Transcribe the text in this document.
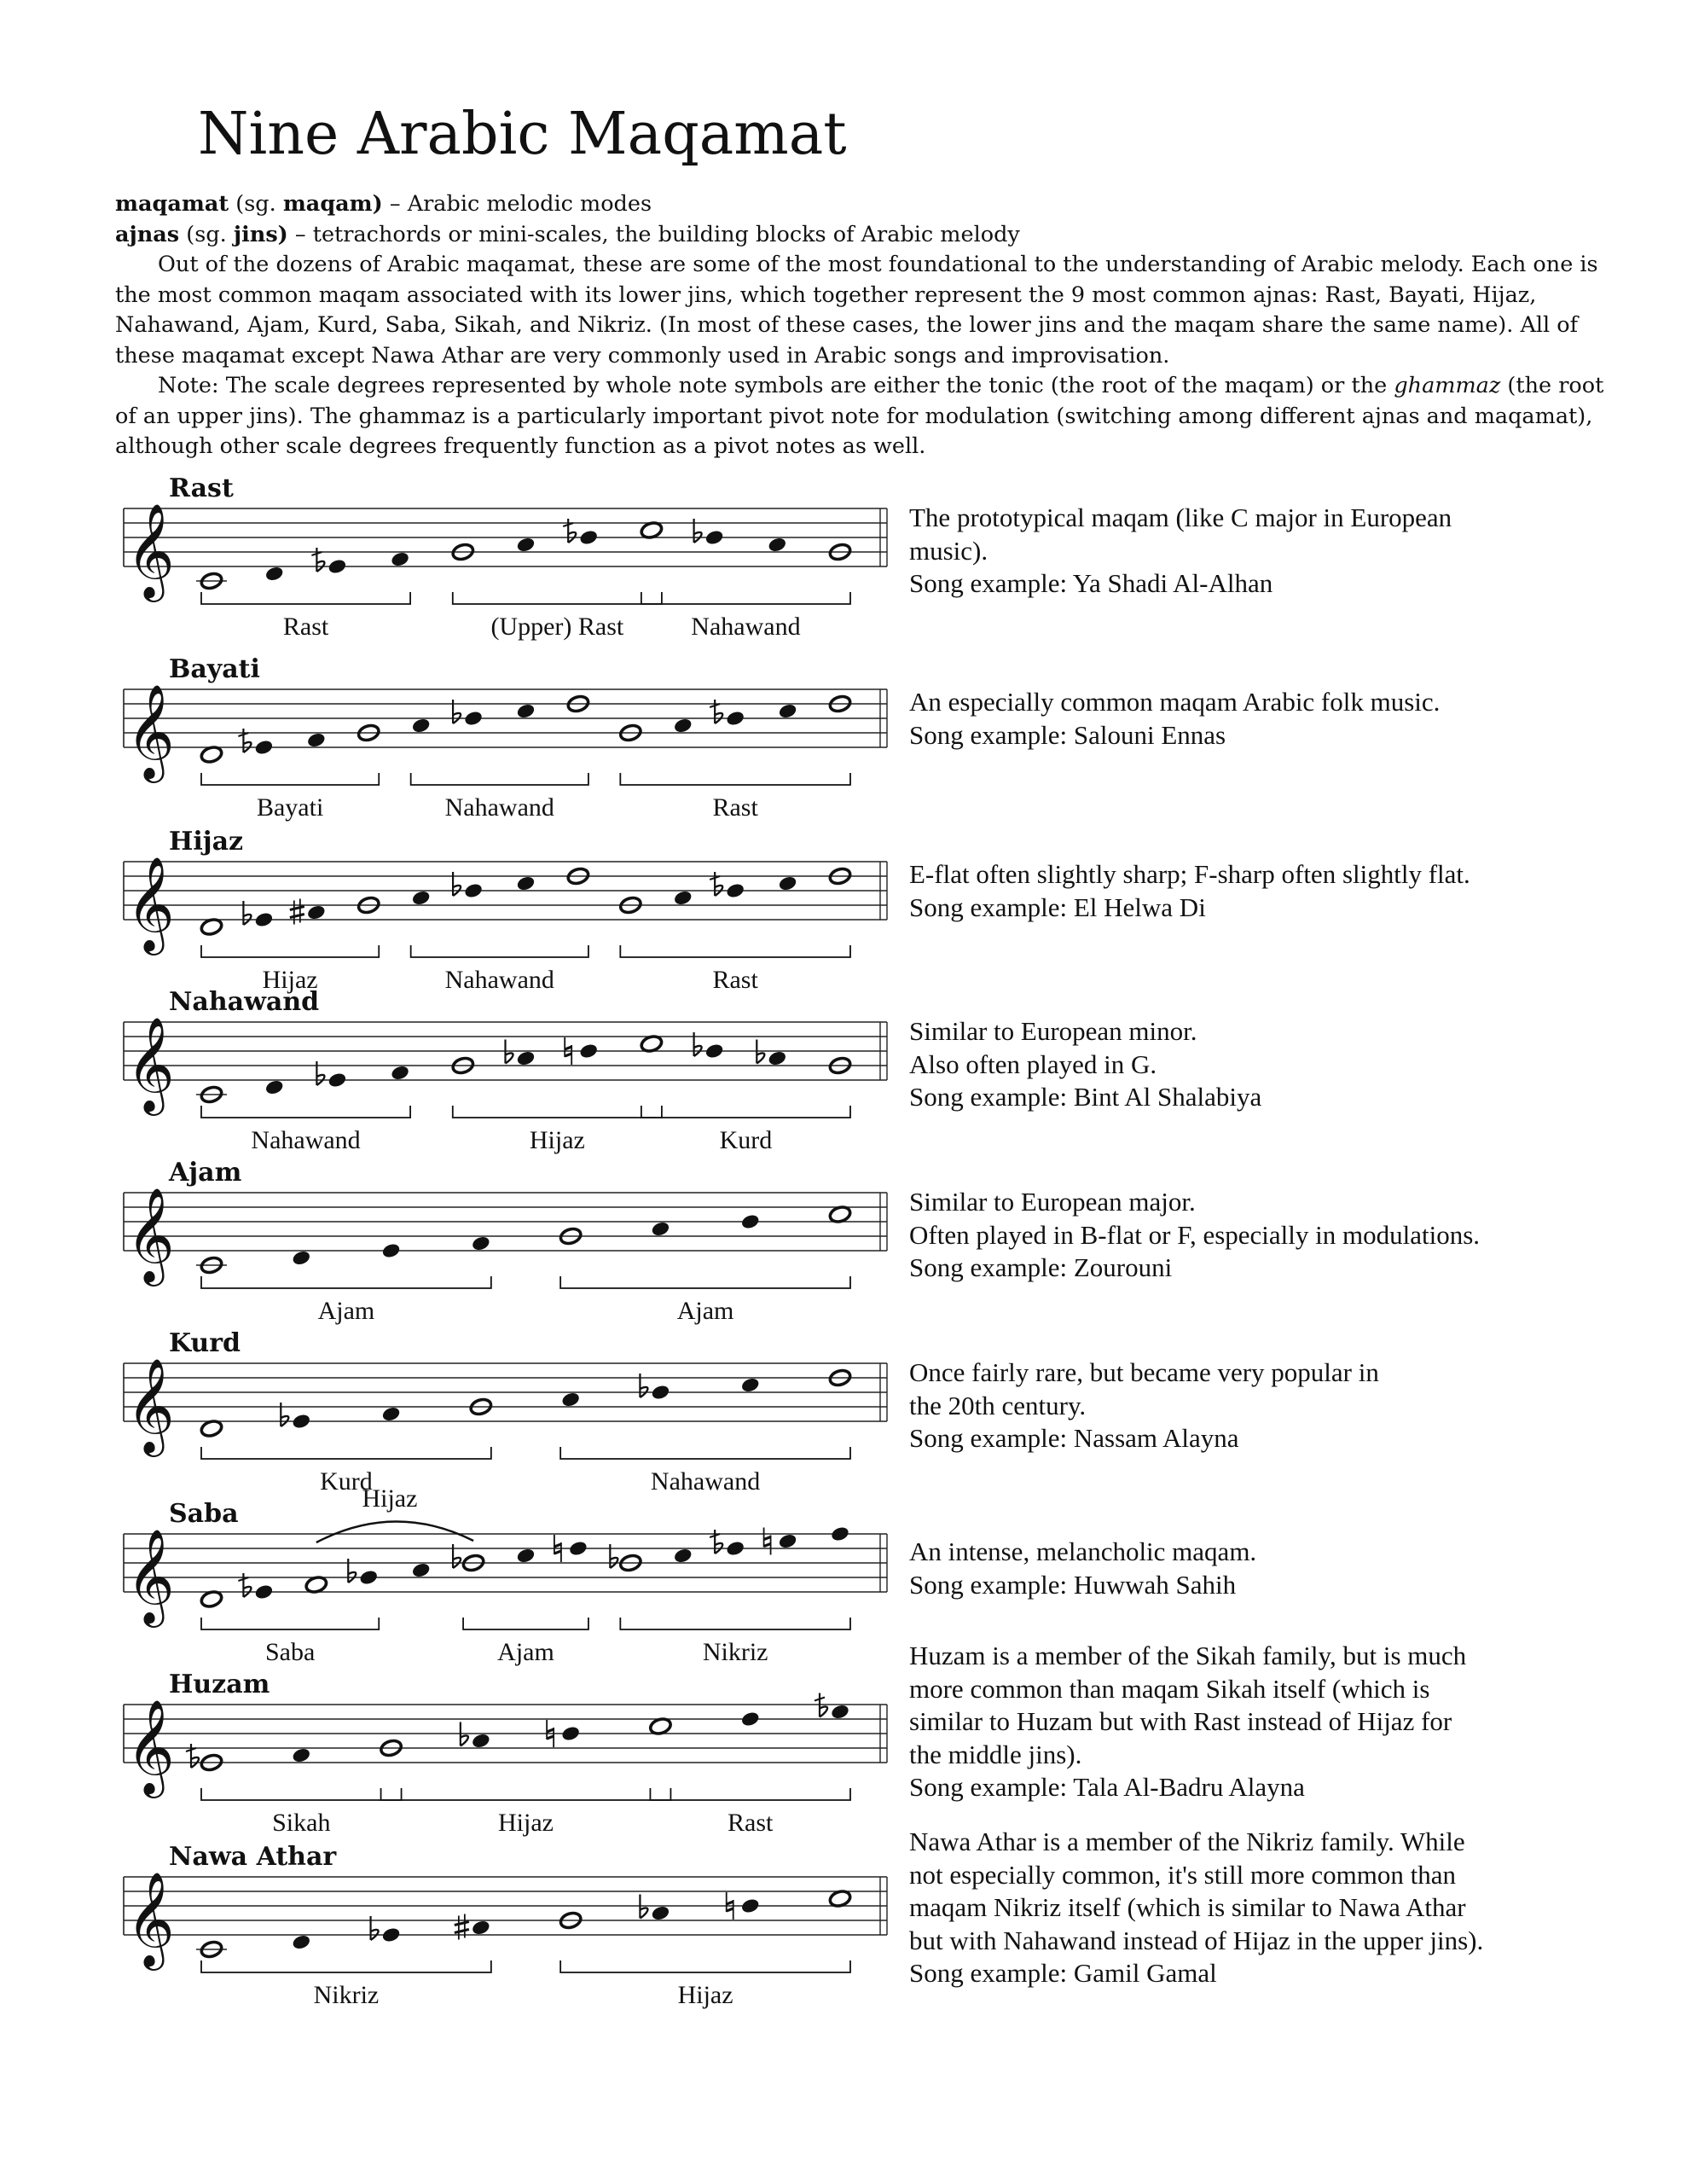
Nine Arabic Maqamat

maqamat (sg. maqam) – Arabic melodic modes

ajnas (sg. jins) – tetrachords or mini-scales, the building blocks of Arabic melody

Out of the dozens of Arabic maqamat, these are some of the most foundational to the understanding of Arabic melody. Each one is the most common maqam associated with its lower jins, which together represent the 9 most common ajnas: Rast, Bayati, Hijaz, Nahawand, Ajam, Kurd, Saba, Sikah, and Nikriz. (In most of these cases, the lower jins and the maqam share the same name). All of these maqamat except Nawa Athar are very commonly used in Arabic songs and improvisation.

Note: The scale degrees represented by whole note symbols are either the tonic (the root of the maqam) or the ghammaz (the root of an upper jins). The ghammaz is a particularly important pivot note for modulation (switching among different ajnas and maqamat), although other scale degrees frequently function as a pivot notes as well.

Rast
𝄞
Rast	(Upper) Rast	Nahawand
Bayati
𝄞
Bayati	Nahawand	Rast
Hijaz
𝄞
Hijaz	Nahawand	Rast
Nahawand
𝄞
Nahawand	Hijaz	Kurd
Ajam
𝄞
Ajam	Ajam
Kurd
𝄞
Kurd	Nahawand
Saba
𝄞
Saba	Ajam	Nikriz
Hijaz
Huzam
𝄞
Sikah	Hijaz	Rast
Nawa Athar
𝄞
Nikriz	Hijaz
The prototypical maqam (like C major in European
music).
Song example: Ya Shadi Al-Alhan
An especially common maqam Arabic folk music.
Song example: Salouni Ennas
E-flat often slightly sharp; F-sharp often slightly flat.
Song example: El Helwa Di
Similar to European minor.
Also often played in G.
Song example: Bint Al Shalabiya
Similar to European major.
Often played in B-flat or F, especially in modulations.
Song example: Zourouni
Once fairly rare, but became very popular in
the 20th century.
Song example: Nassam Alayna
An intense, melancholic maqam.
Song example: Huwwah Sahih
Huzam is a member of the Sikah family, but is much
more common than maqam Sikah itself (which is
similar to Huzam but with Rast instead of Hijaz for
the middle jins).
Song example: Tala Al-Badru Alayna
Nawa Athar is a member of the Nikriz family. While
not especially common, it's still more common than
maqam Nikriz itself (which is similar to Nawa Athar
but with Nahawand instead of Hijaz in the upper jins).
Song example: Gamil Gamal
